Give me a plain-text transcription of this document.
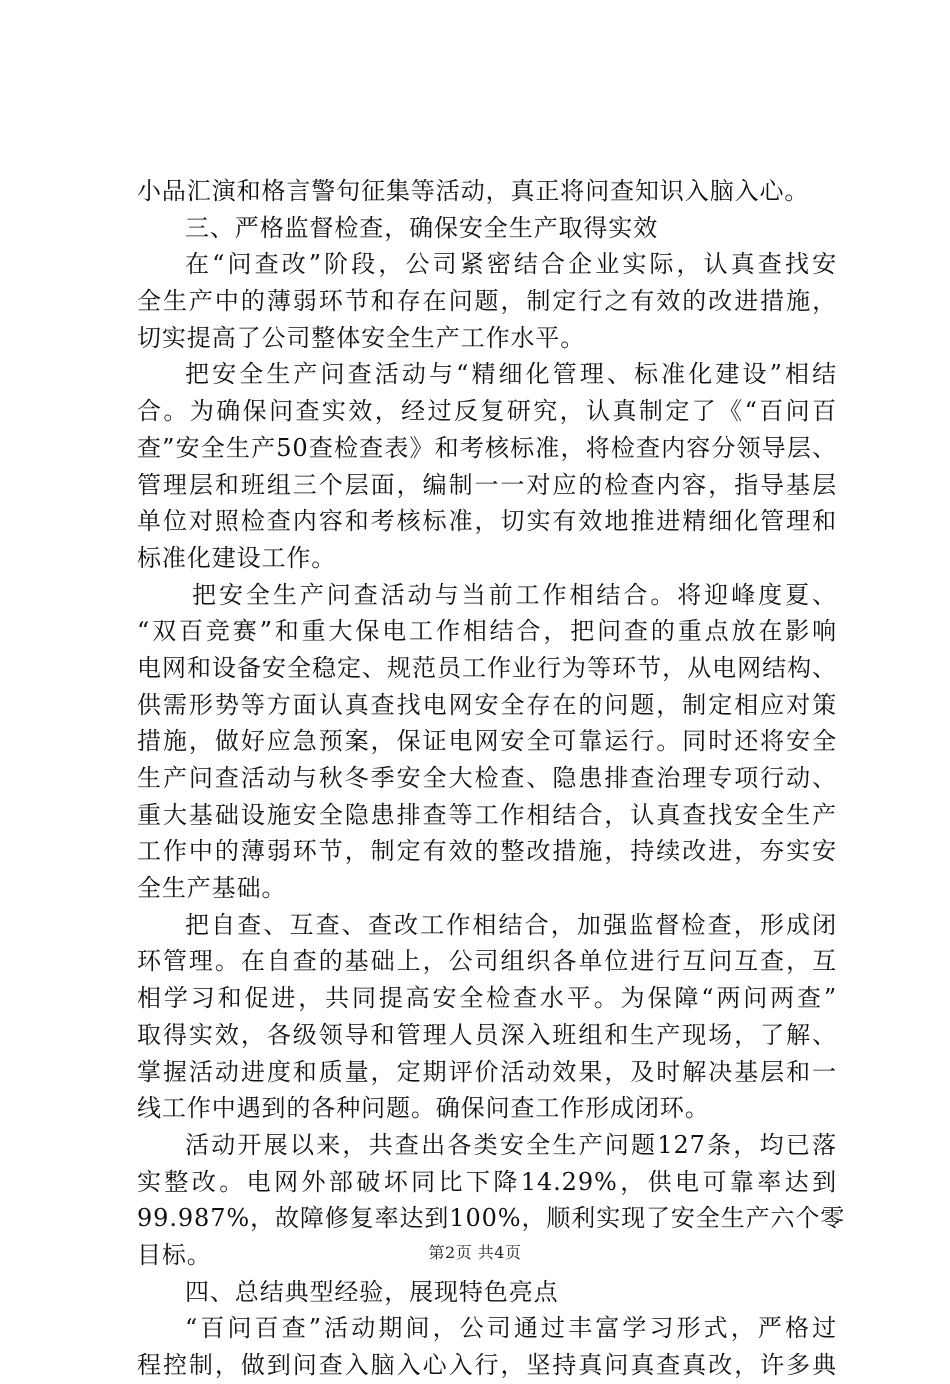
小品汇演和格言警句征集等活动，真正将问查知识入脑入心。
三、严格监督检查，确保安全生产取得实效
在“问查改”阶段，公司紧密结合企业实际，认真查找安
全生产中的薄弱环节和存在问题，制定行之有效的改进措施，
切实提高了公司整体安全生产工作水平。
把安全生产问查活动与“精细化管理、标准化建设”相结
合。为确保问查实效，经过反复研究，认真制定了《“百问百
查”安全生产50查检查表》和考核标准，将检查内容分领导层、
管理层和班组三个层面，编制一一对应的检查内容，指导基层
单位对照检查内容和考核标准，切实有效地推进精细化管理和
标准化建设工作。
把安全生产问查活动与当前工作相结合。将迎峰度夏、
“双百竞赛”和重大保电工作相结合，把问查的重点放在影响
电网和设备安全稳定、规范员工作业行为等环节，从电网结构、
供需形势等方面认真查找电网安全存在的问题，制定相应对策
措施，做好应急预案，保证电网安全可靠运行。同时还将安全
生产问查活动与秋冬季安全大检查、隐患排查治理专项行动、
重大基础设施安全隐患排查等工作相结合，认真查找安全生产
工作中的薄弱环节，制定有效的整改措施，持续改进，夯实安
全生产基础。
把自查、互查、查改工作相结合，加强监督检查，形成闭
环管理。在自查的基础上，公司组织各单位进行互问互查，互
相学习和促进，共同提高安全检查水平。为保障“两问两查”
取得实效，各级领导和管理人员深入班组和生产现场，了解、
掌握活动进度和质量，定期评价活动效果，及时解决基层和一
线工作中遇到的各种问题。确保问查工作形成闭环。
活动开展以来，共查出各类安全生产问题127条，均已落
实整改。电网外部破坏同比下降14.29%，供电可靠率达到
99.987%，故障修复率达到100%，顺利实现了安全生产六个零
目标。
四、总结典型经验，展现特色亮点
“百问百查”活动期间，公司通过丰富学习形式，严格过
程控制，做到问查入脑入心入行，坚持真问真查真改，许多典
第2页 共4页
